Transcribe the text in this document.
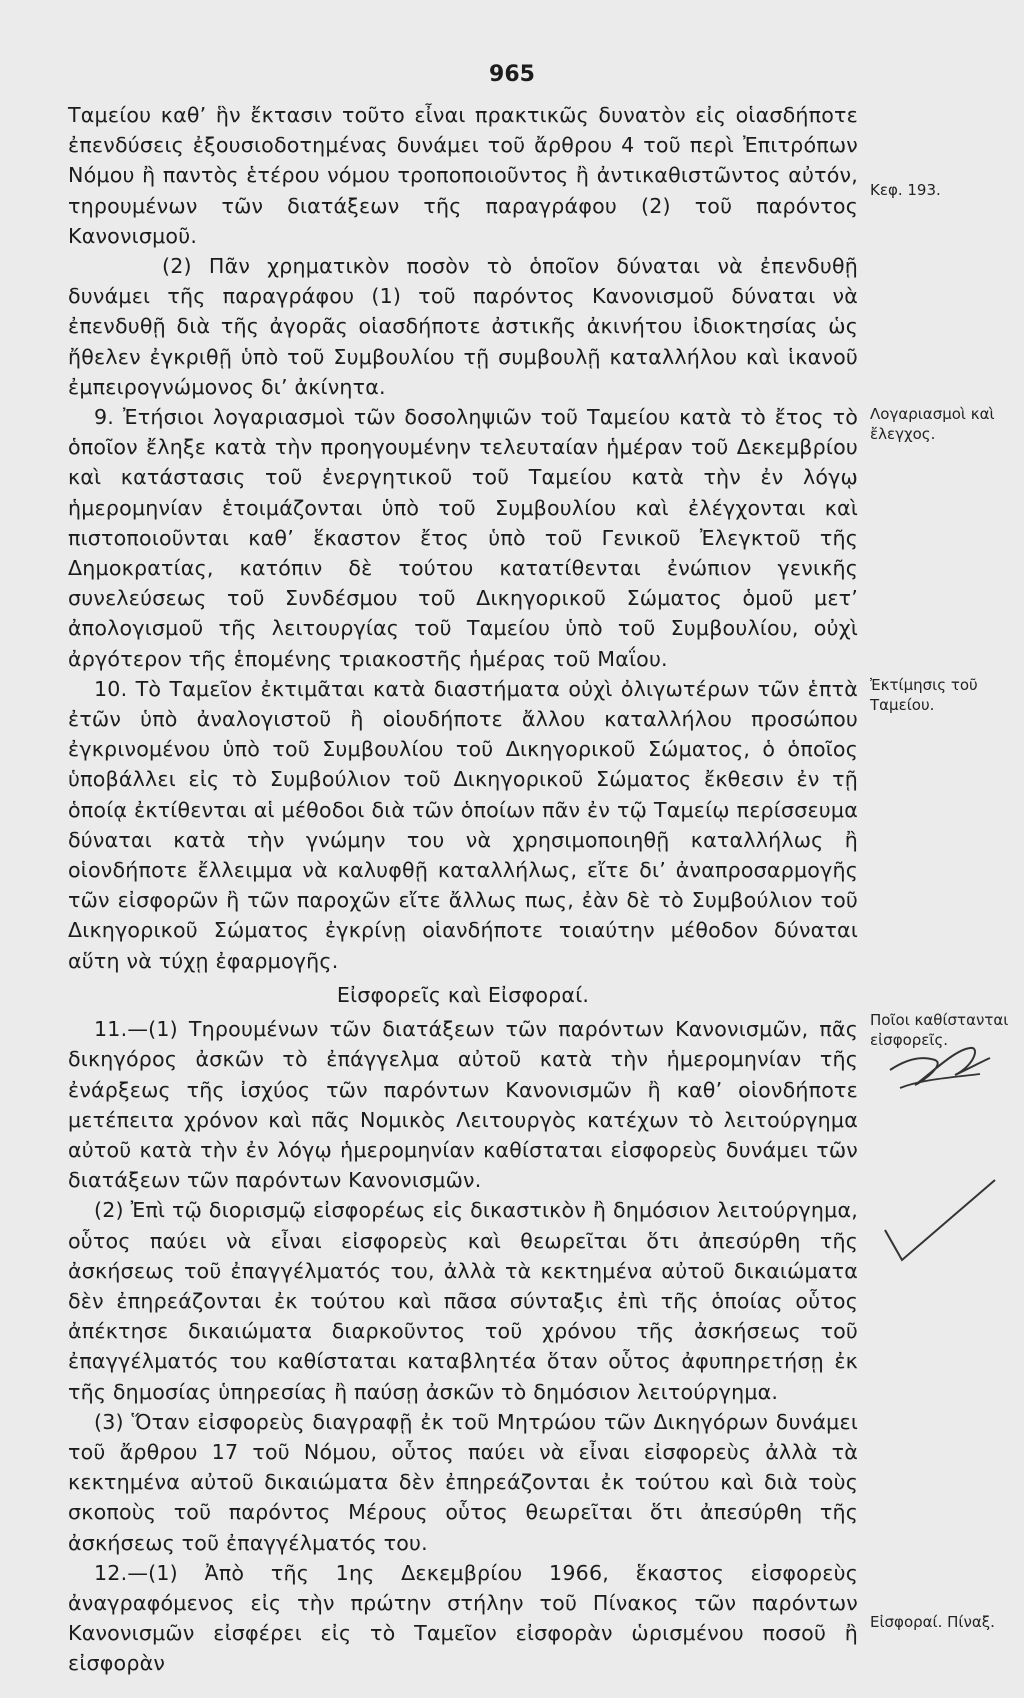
965

Ταμείου καθ’ ἣν ἔκτασιν τοῦτο εἶναι πρακτικῶς δυνατὸν εἰς οἱασδήποτε ἐπενδύσεις ἐξουσιοδοτημένας δυνάμει τοῦ ἄρθρου 4 τοῦ περὶ Ἐπιτρόπων Νόμου ἢ παντὸς ἑτέρου νόμου τροποποιοῦντος ἢ ἀντικαθιστῶντος αὐτόν, τηρουμένων τῶν διατάξεων τῆς παραγράφου (2) τοῦ παρόντος Κανονισμοῦ.

(2) Πᾶν χρηματικὸν ποσὸν τὸ ὁποῖον δύναται νὰ ἐπενδυθῇ δυνάμει τῆς παραγράφου (1) τοῦ παρόντος Κανονισμοῦ δύναται νὰ ἐπενδυθῇ διὰ τῆς ἀγορᾶς οἱασδήποτε ἀστικῆς ἀκινήτου ἰδιοκτησίας ὡς ἤθελεν ἐγκριθῇ ὑπὸ τοῦ Συμβουλίου τῇ συμβουλῇ καταλλήλου καὶ ἱκανοῦ ἐμπειρογνώμονος δι’ ἀκίνητα.

9. Ἐτήσιοι λογαριασμοὶ τῶν δοσοληψιῶν τοῦ Ταμείου κατὰ τὸ ἔτος τὸ ὁποῖον ἔληξε κατὰ τὴν προηγουμένην τελευταίαν ἡμέραν τοῦ Δεκεμβρίου καὶ κατάστασις τοῦ ἐνεργητικοῦ τοῦ Ταμείου κατὰ τὴν ἐν λόγῳ ἡμερομηνίαν ἑτοιμάζονται ὑπὸ τοῦ Συμβουλίου καὶ ἐλέγχονται καὶ πιστοποιοῦνται καθ’ ἕκαστον ἔτος ὑπὸ τοῦ Γενικοῦ Ἐλεγκτοῦ τῆς Δημοκρατίας, κατόπιν δὲ τούτου κατατίθενται ἐνώπιον γενικῆς συνελεύσεως τοῦ Συνδέσμου τοῦ Δικηγορικοῦ Σώματος ὁμοῦ μετ’ ἀπολογισμοῦ τῆς λειτουργίας τοῦ Ταμείου ὑπὸ τοῦ Συμβουλίου, οὐχὶ ἀργότερον τῆς ἑπομένης τριακοστῆς ἡμέρας τοῦ Μαΐου.

10. Τὸ Ταμεῖον ἐκτιμᾶται κατὰ διαστήματα οὐχὶ ὀλιγωτέρων τῶν ἑπτὰ ἐτῶν ὑπὸ ἀναλογιστοῦ ἢ οἱουδήποτε ἄλλου καταλλήλου προσώπου ἐγκρινομένου ὑπὸ τοῦ Συμβουλίου τοῦ Δικηγορικοῦ Σώματος, ὁ ὁποῖος ὑποβάλλει εἰς τὸ Συμβούλιον τοῦ Δικηγορικοῦ Σώματος ἔκθεσιν ἐν τῇ ὁποίᾳ ἐκτίθενται αἱ μέθοδοι διὰ τῶν ὁποίων πᾶν ἐν τῷ Ταμείῳ περίσσευμα δύναται κατὰ τὴν γνώμην του νὰ χρησιμοποιηθῇ καταλλήλως ἢ οἱονδήποτε ἔλλειμμα νὰ καλυφθῇ καταλλήλως, εἴτε δι’ ἀναπροσαρμογῆς τῶν εἰσφορῶν ἢ τῶν παροχῶν εἴτε ἄλλως πως, ἐὰν δὲ τὸ Συμβούλιον τοῦ Δικηγορικοῦ Σώματος ἐγκρίνῃ οἱανδήποτε τοιαύτην μέθοδον δύναται αὕτη νὰ τύχῃ ἐφαρμογῆς.

Εἰσφορεῖς καὶ Εἰσφοραί.

11.—(1) Τηρουμένων τῶν διατάξεων τῶν παρόντων Κανονισμῶν, πᾶς δικηγόρος ἀσκῶν τὸ ἐπάγγελμα αὐτοῦ κατὰ τὴν ἡμερομηνίαν τῆς ἐνάρξεως τῆς ἰσχύος τῶν παρόντων Κανονισμῶν ἢ καθ’ οἱονδήποτε μετέπειτα χρόνον καὶ πᾶς Νομικὸς Λειτουργὸς κατέχων τὸ λειτούργημα αὐτοῦ κατὰ τὴν ἐν λόγῳ ἡμερομηνίαν καθίσταται εἰσφορεὺς δυνάμει τῶν διατάξεων τῶν παρόντων Κανονισμῶν.

(2) Ἐπὶ τῷ διορισμῷ εἰσφορέως εἰς δικαστικὸν ἢ δημόσιον λειτούργημα, οὗτος παύει νὰ εἶναι εἰσφορεὺς καὶ θεωρεῖται ὅτι ἀπεσύρθη τῆς ἀσκήσεως τοῦ ἐπαγγέλματός του, ἀλλὰ τὰ κεκτημένα αὐτοῦ δικαιώματα δὲν ἐπηρεάζονται ἐκ τούτου καὶ πᾶσα σύνταξις ἐπὶ τῆς ὁποίας οὗτος ἀπέκτησε δικαιώματα διαρκοῦντος τοῦ χρόνου τῆς ἀσκήσεως τοῦ ἐπαγγέλματός του καθίσταται καταβλητέα ὅταν οὗτος ἀφυπηρετήσῃ ἐκ τῆς δημοσίας ὑπηρεσίας ἢ παύσῃ ἀσκῶν τὸ δημόσιον λειτούργημα.

(3) Ὅταν εἰσφορεὺς διαγραφῇ ἐκ τοῦ Μητρώου τῶν Δικηγόρων δυνάμει τοῦ ἄρθρου 17 τοῦ Νόμου, οὗτος παύει νὰ εἶναι εἰσφορεὺς ἀλλὰ τὰ κεκτημένα αὐτοῦ δικαιώματα δὲν ἐπηρεάζονται ἐκ τούτου καὶ διὰ τοὺς σκοποὺς τοῦ παρόντος Μέρους οὗτος θεωρεῖται ὅτι ἀπεσύρθη τῆς ἀσκήσεως τοῦ ἐπαγγέλματός του.

12.—(1) Ἀπὸ τῆς 1ης Δεκεμβρίου 1966, ἕκαστος εἰσφορεὺς ἀναγραφόμενος εἰς τὴν πρώτην στήλην τοῦ Πίνακος τῶν παρόντων Κανονισμῶν εἰσφέρει εἰς τὸ Ταμεῖον εἰσφορὰν ὡρισμένου ποσοῦ ἢ εἰσφορὰν

Κεφ. 193.
Λογαριασμοὶ καὶ ἔλεγχος.
Ἐκτίμησις τοῦ Ταμείου.
Ποῖοι καθίστανται εἰσφορεῖς.
Εἰσφοραί. Πίναξ.
